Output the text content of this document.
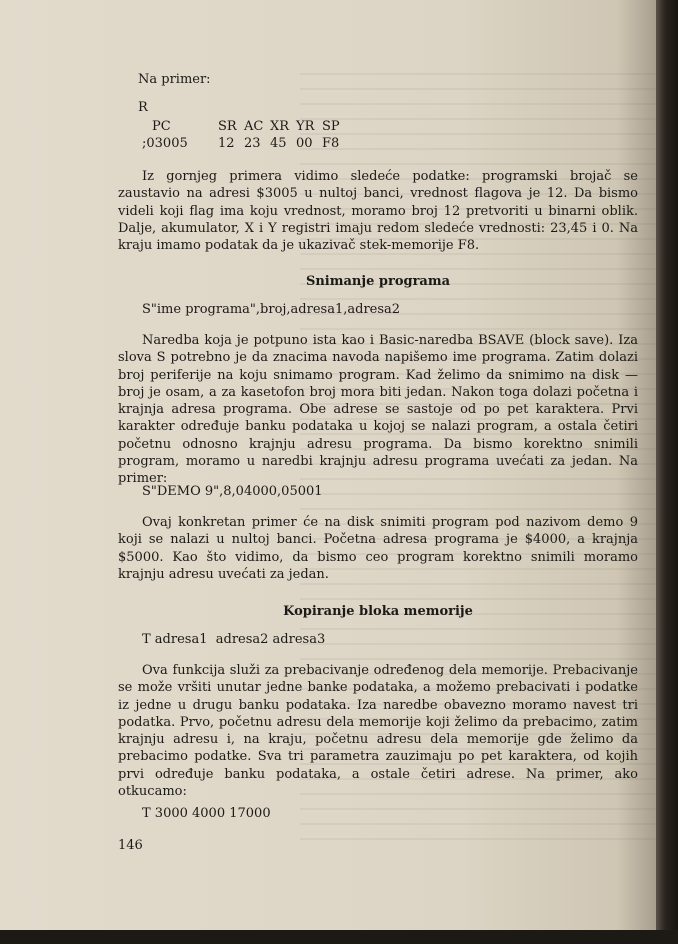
Na primer:

R

PC	SR AC XR YR SP
;03005	12 23 45 00 F8

Iz gornjeg primera vidimo sledeće podatke: programski brojač se zaustavio na adresi $3005 u nultoj banci, vrednost flagova je 12. Da bismo videli koji flag ima koju vrednost, moramo broj 12 pretvoriti u binarni oblik. Dalje, akumulator, X i Y registri imaju redom sledeće vrednosti: 23,45 i 0. Na kraju imamo podatak da je ukazivač stek-memorije F8.

Snimanje programa

S"ime programa",broj,adresa1,adresa2

Naredba koja je potpuno ista kao i Basic-naredba BSAVE (block save). Iza slova S potrebno je da znacima navoda napišemo ime programa. Zatim dolazi broj periferije na koju snimamo program. Kad želimo da snimimo na disk — broj je osam, a za kasetofon broj mora biti jedan. Nakon toga dolazi početna i krajnja adresa programa. Obe adrese se sastoje od po pet karaktera. Prvi karakter određuje banku podataka u kojoj se nalazi program, a ostala četiri početnu odnosno krajnju adresu programa. Da bismo korektno snimili program, moramo u naredbi krajnju adresu programa uvećati za jedan. Na primer:

S"DEMO 9",8,04000,05001

Ovaj konkretan primer će na disk snimiti program pod nazivom demo 9 koji se nalazi u nultoj banci. Početna adresa programa je $4000, a krajnja $5000. Kao što vidimo, da bismo ceo program korektno snimili moramo krajnju adresu uvećati za jedan.

Kopiranje bloka memorije

T adresa1  adresa2 adresa3

Ova funkcija služi za prebacivanje određenog dela memorije. Prebacivanje se može vršiti unutar jedne banke podataka, a možemo prebacivati i podatke iz jedne u drugu banku podataka. Iza naredbe obavezno moramo navest tri podatka. Prvo, početnu adresu dela memorije koji želimo da prebacimo, zatim krajnju adresu i, na kraju, početnu adresu dela memorije gde želimo da prebacimo podatke. Sva tri parametra zauzimaju po pet karaktera, od kojih prvi određuje banku podataka, a ostale četiri adrese. Na primer, ako otkucamo:

T 3000 4000 17000

146
